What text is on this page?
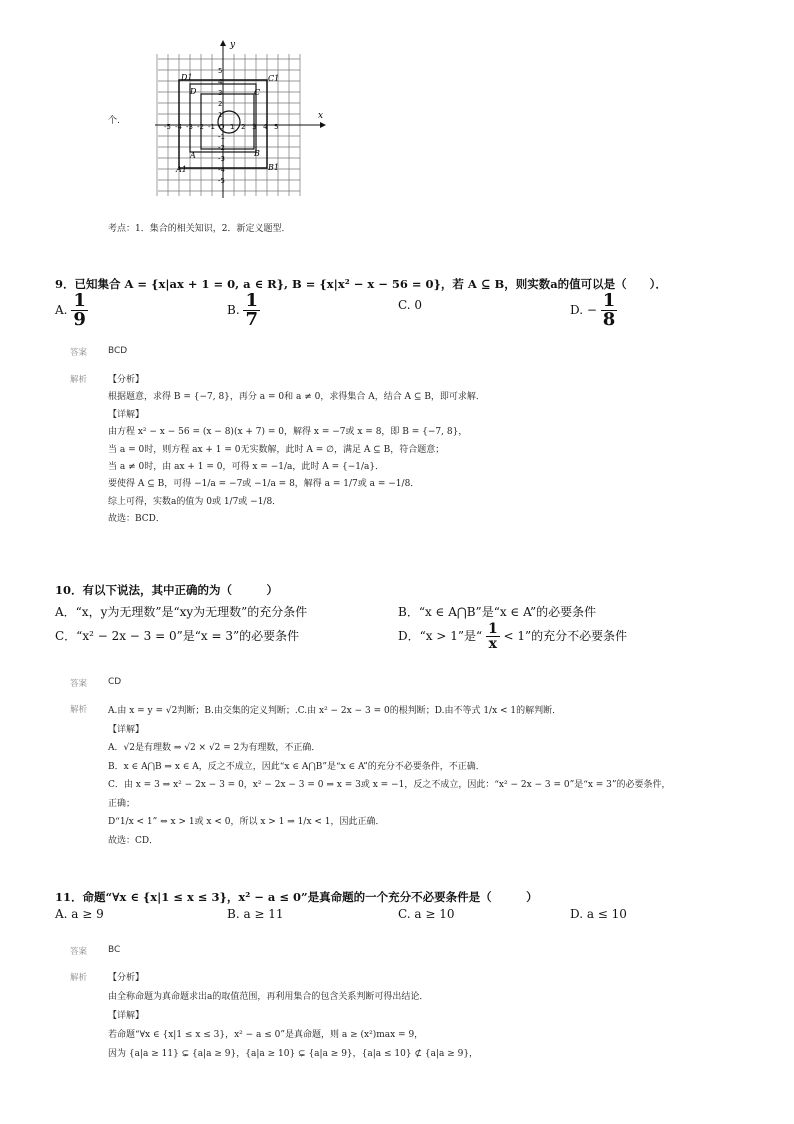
个.	x
y
-5 -4 -3 -2 -1 O 1 2 3 4 5
5
4
3
2
1
-1
-2
-3
-4
-5
D1	C1
D	C
A	B
A1	B1
考点：1．集合的相关知识，2．新定义题型．
9．已知集合 A = {x|ax + 1 = 0, a ∈ R}, B = {x|x² − x − 56 = 0}，若 A ⊆ B，则实数a的值可以是（　　）．
A. $\frac{1}{9}$	B. $\frac{1}{7}$	C. 0	D. − $\frac{1}{8}$
答案 BCD
解析 【分析】
根据题意，求得 B = {−7, 8}，再分 a = 0和 a ≠ 0，求得集合 A，结合 A ⊆ B，即可求解．
【详解】
由方程 x² − x − 56 = (x − 8)(x + 7) = 0，解得 x = −7或 x = 8，即 B = {−7, 8}，
当 a = 0时，则方程 ax + 1 = 0无实数解，此时 A = ∅，满足 A ⊆ B，符合题意；
当 a ≠ 0时，由 ax + 1 = 0，可得 x = −1/a，此时 A = {−1/a}．
要使得 A ⊆ B，可得 −1/a = −7或 −1/a = 8，解得 a = 1/7或 a = −1/8．
综上可得，实数a的值为 0或 1/7或 −1/8．
故选：BCD．
10．有以下说法，其中正确的为（　　　）
A．“x，y为无理数”是“xy为无理数”的充分条件	B．“x ∈ A⋂B”是“x ∈ A”的必要条件
C．“x² − 2x − 3 = 0”是“x = 3”的必要条件	D．“x > 1”是“ $\frac{1}{x} < 1$”的充分不必要条件
答案 CD
解析 A.由 x = y = √2判断；B.由交集的定义判断；.C.由 x² − 2x − 3 = 0的根判断；D.由不等式 1/x < 1的解判断．
【详解】
A．√2是有理数 ⇒ √2 × √2 = 2为有理数，不正确．
B．x ∈ A⋂B ⇒ x ∈ A，反之不成立，因此“x ∈ A⋂B”是“x ∈ A”的充分不必要条件，不正确．
C．由 x = 3 ⇒ x² − 2x − 3 = 0，x² − 2x − 3 = 0 ⇒ x = 3或 x = −1，反之不成立，因此：“x² − 2x − 3 = 0”是“x = 3”的必要条件，
正确；
D“1/x < 1” ⇔ x > 1或 x < 0，所以 x > 1 ⇒ 1/x < 1，因此正确．
故选：CD．
11．命题“∀x ∈ {x|1 ≤ x ≤ 3}，x² − a ≤ 0”是真命题的一个充分不必要条件是（　　　）
A. a ≥ 9	B. a ≥ 11	C. a ≥ 10	D. a ≤ 10
答案 BC
解析 【分析】
由全称命题为真命题求出a的取值范围，再利用集合的包含关系判断可得出结论．
【详解】
若命题“∀x ∈ {x|1 ≤ x ≤ 3}，x² − a ≤ 0”是真命题，则 a ≥ (x²)max = 9，
因为 {a|a ≥ 11} ⊊ {a|a ≥ 9}，{a|a ≥ 10} ⊊ {a|a ≥ 9}，{a|a ≤ 10} ⊄ {a|a ≥ 9}，
